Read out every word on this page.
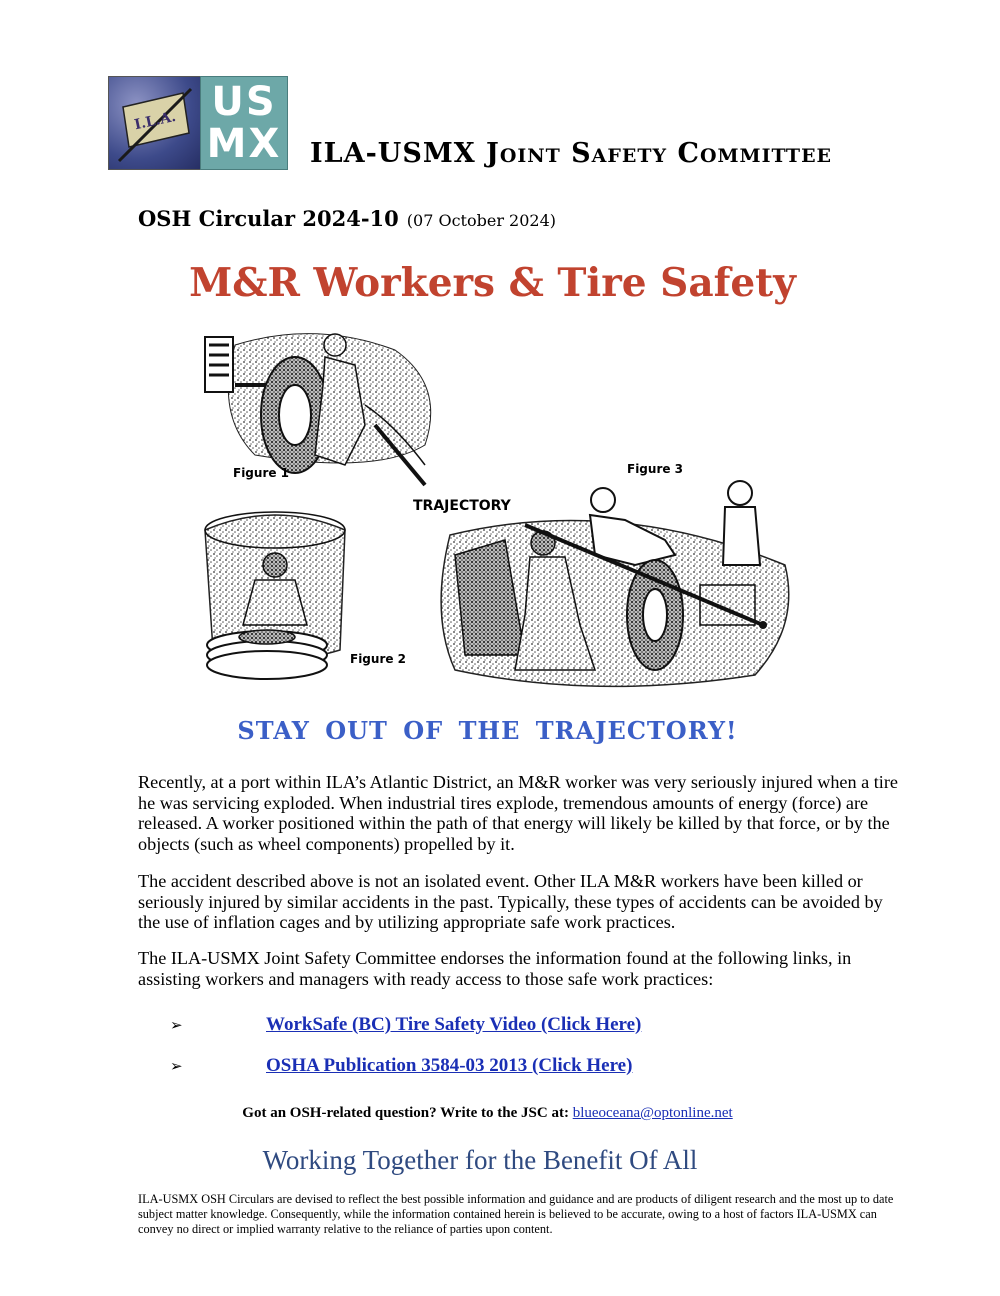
I.L.A. US
MX ILA-USMX Joint Safety Committee
OSH Circular 2024-10 (07 October 2024)
M&R Workers & Tire Safety
Figure 1
Figure 2
TRAJECTORY
Figure 3
STAY OUT OF THE TRAJECTORY!

Recently, at a port within ILA’s Atlantic District, an M&R worker was very seriously injured when a tire he was servicing exploded. When industrial tires explode, tremendous amounts of energy (force) are released. A worker positioned within the path of that energy will likely be killed by that force, or by the objects (such as wheel components) propelled by it.

The accident described above is not an isolated event. Other ILA M&R workers have been killed or seriously injured by similar accidents in the past. Typically, these types of accidents can be avoided by the use of inflation cages and by utilizing appropriate safe work practices.

The ILA-USMX Joint Safety Committee endorses the information found at the following links, in assisting workers and managers with ready access to those safe work practices:

➢	WorkSafe (BC) Tire Safety Video (Click Here)
➢	OSHA Publication 3584-03 2013 (Click Here)
Got an OSH-related question? Write to the JSC at: blueoceana@optonline.net
Working Together for the Benefit Of All

ILA-USMX OSH Circulars are devised to reflect the best possible information and guidance and are products of diligent research and the most up to date subject matter knowledge. Consequently, while the information contained herein is believed to be accurate, owing to a host of factors ILA-USMX can convey no direct or implied warranty relative to the reliance of parties upon content.
